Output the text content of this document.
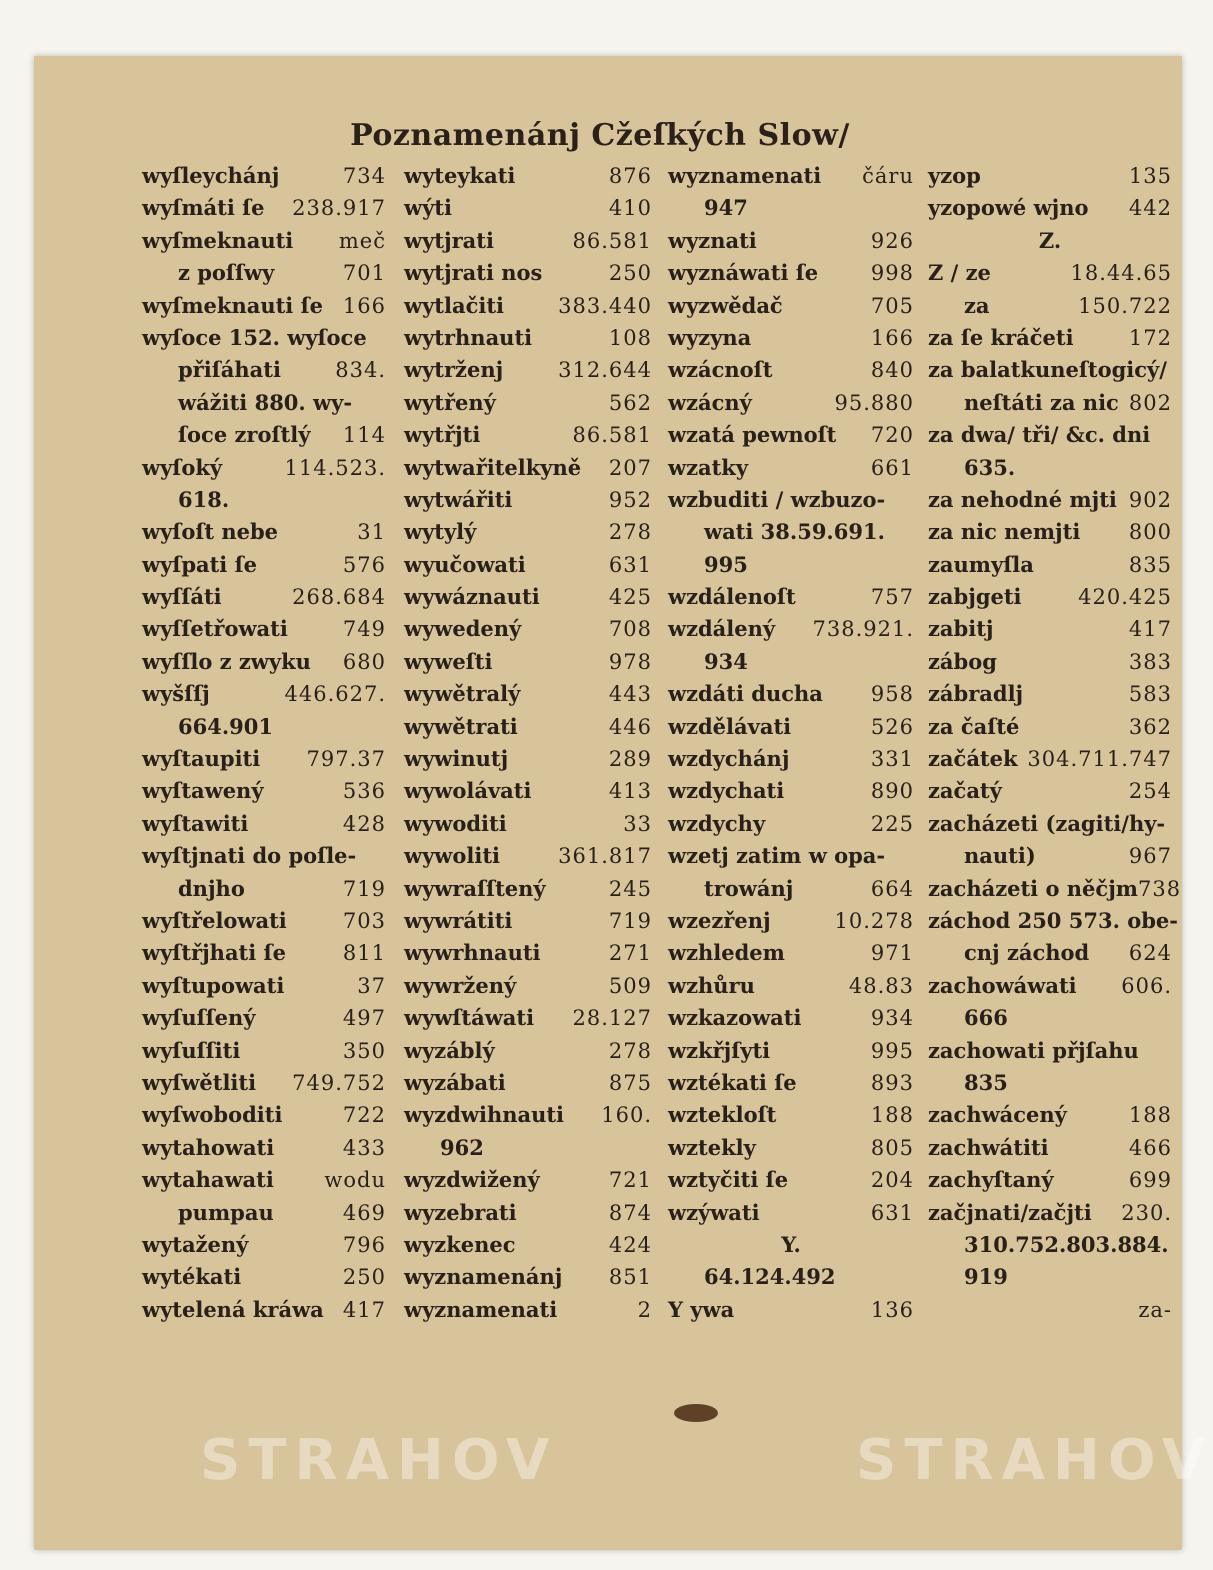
Poznamenánj Cžeſkých Slow/
wyſleychánj	734
wyſmáti ſe 238.917
wyſmeknauti meč
z poſſwy	701
wyſmeknauti ſe 166
wyſoce 152. wyſoce
přiſáhati	834.
wážiti 880. wy-
ſoce zroſtlý 114
wyſoký	114.523.
618.
wyſoſt nebe	31
wyſpati ſe	576
wyſſáti	268.684
wyſſetřowati	749
wyſſlo z zwyku 680
wyšſſj	446.627.
664.901
wyſtaupiti 797.37
wyſtawený	536
wyſtawiti	428
wyſtjnati do poſle-
dnjho	719
wyſtřelowati	703
wyſtřjhati ſe	811
wyſtupowati	37
wyſuſſený	497
wyſuſſiti	350
wyſwětliti 749.752
wyſwoboditi	722
wytahowati	433
wytahawati wodu
pumpau	469
wytažený	796
wytékati	250
wytelená kráwa 417
wyteykati	876
wýti	410
wytjrati	86.581
wytjrati nos	250
wytlačiti	383.440
wytrhnauti	108
wytrženj	312.644
wytřený	562
wytřjti	86.581
wytwařitelkyně 207
wytwářiti	952
wytylý	278
wyučowati	631
wywáznauti	425
wywedený	708
wyweſti	978
wywětralý	443
wywětrati	446
wywinutj	289
wywolávati	413
wywoditi	33
wywoliti	361.817
wywraſſtený	245
wywrátiti	719
wywrhnauti	271
wywržený	509
wywſtáwati 28.127
wyzáblý	278
wyzábati	875
wyzdwihnauti 160.
962
wyzdwižený	721
wyzebrati	874
wyzkenec	424
wyznamenánj 851
wyznamenati	2
wyznamenati čáru
947
wyznati	926
wyznáwati ſe	998
wyzwědač	705
wyzyna	166
wzácnoſt	840
wzácný	95.880
wzatá pewnoſt 720
wzatky	661
wzbuditi / wzbuzo-
wati 38.59.691.
995
wzdálenoſt	757
wzdálený 738.921.
934
wzdáti ducha 958
wzdělávati	526
wzdychánj	331
wzdychati	890
wzdychy	225
wzetj zatim w opa-
trowánj	664
wzezřenj	10.278
wzhledem	971
wzhůru	48.83
wzkazowati	934
wzkřjſyti	995
wztékati ſe	893
wztekloſt	188
wztekly	805
wztyčiti ſe	204
wzýwati	631
Y.
64.124.492
Y ywa	136
yzop	135
yzopowé wjno 442
Z.
Z / ze	18.44.65
za	150.722
za ſe kráčeti	172
za balatkuneſtogicý/
neſtáti za nic 802
za dwa/ tři/ &c. dni
635.
za nehodné mjti 902
za nic nemjti 800
zaumyſla	835
zabjgeti	420.425
zabitj	417
zábog	383
zábradlj	583
za čaſté	362
začátek 304.711.747
začatý	254
zacházeti (zagiti/hy-
nauti)	967
zacházeti o něčjm 738
záchod 250 573. obe-
cnj záchod 624
zachowáwati 606.
666
zachowati přjſahu
835
zachwácený	188
zachwátiti	466
zachyſtaný	699
začjnati/začjti 230.
310.752.803.884.
919
za-
STRAHOV	STRAHOV
